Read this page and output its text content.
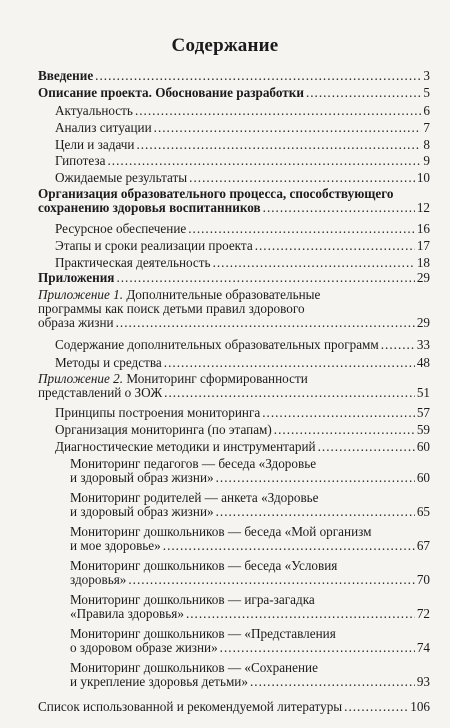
Содержание
Введение .....	3
Описание проекта. Обоснование разработки .....	5
Актуальность .....	6
Анализ ситуации .....	7
Цели и задачи .....	8
Гипотеза .....	9
Ожидаемые результаты .....	10
Организация образовательного процесса, способствующего
сохранению здоровья воспитанников .....	12
Ресурсное обеспечение .....	16
Этапы и сроки реализации проекта .....	17
Практическая деятельность .....	18
Приложения .....	29
Приложение 1. Дополнительные образовательные
программы как поиск детьми правил здорового
образа жизни .....	29
Содержание дополнительных образовательных программ .....	33
Методы и средства .....	48
Приложение 2. Мониторинг сформированности
представлений о ЗОЖ .....	51
Принципы построения мониторинга .....	57
Организация мониторинга (по этапам) .....	59
Диагностические методики и инструментарий .....	60
Мониторинг педагогов — беседа «Здоровье
и здоровый образ жизни» .....	60
Мониторинг родителей — анкета «Здоровье
и здоровый образ жизни» .....	65
Мониторинг дошкольников — беседа «Мой организм
и мое здоровье» .....	67
Мониторинг дошкольников — беседа «Условия
здоровья» .....	70
Мониторинг дошкольников — игра-загадка
«Правила здоровья» .....	72
Мониторинг дошкольников — «Представления
о здоровом образе жизни» .....	74
Мониторинг дошкольников — «Сохранение
и укрепление здоровья детьми» .....	93
Список использованной и рекомендуемой литературы .....	106
